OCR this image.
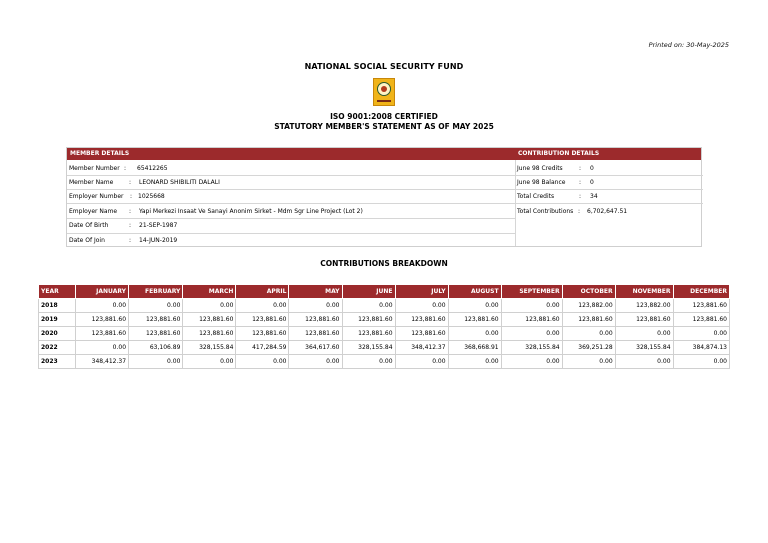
Printed on: 30-May-2025
NATIONAL SOCIAL SECURITY FUND
ISO 9001:2008 CERTIFIED
STATUTORY MEMBER'S STATEMENT AS OF MAY 2025
MEMBER DETAILS	CONTRIBUTION DETAILS
Member Number : 65412265	June 98 Credits	: 0
Member Name	: LEONARD SHIBILITI DALALI	June 98 Balance : 0
Employer Number : 1025668	Total Credits	: 34
Employer Name : Yapi Merkezi Insaat Ve Sanayi Anonim Sirket - Mdm Sgr Line Project (Lot 2)	Total Contributions : 6,702,647.51
Date Of Birth	: 21-SEP-1987
Date Of Join	: 14-JUN-2019
CONTRIBUTIONS BREAKDOWN
YEAR	JANUARY	FEBRUARY	MARCH	APRIL	MAY	JUNE	JULY	AUGUST	SEPTEMBER	OCTOBER	NOVEMBER	DECEMBER
2018	0.00	0.00	0.00	0.00	0.00	0.00	0.00	0.00	0.00	123,882.00	123,882.00	123,881.60
2019	123,881.60	123,881.60	123,881.60	123,881.60	123,881.60	123,881.60	123,881.60	123,881.60	123,881.60	123,881.60	123,881.60	123,881.60
2020	123,881.60	123,881.60	123,881.60	123,881.60	123,881.60	123,881.60	123,881.60	0.00	0.00	0.00	0.00	0.00
2022	0.00	63,106.89	328,155.84	417,284.59	364,617.60	328,155.84	348,412.37	368,668.91	328,155.84	369,251.28	328,155.84	384,874.13
2023	348,412.37	0.00	0.00	0.00	0.00	0.00	0.00	0.00	0.00	0.00	0.00	0.00
